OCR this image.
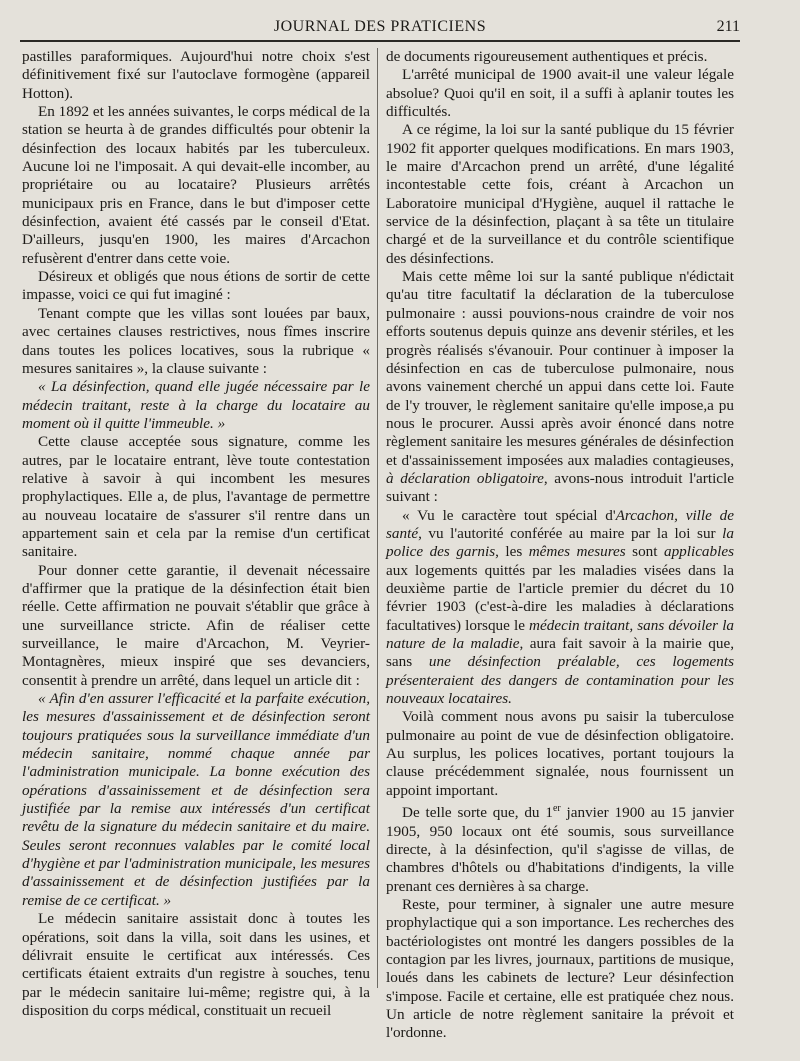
JOURNAL DES PRATICIENS	211

pastilles paraformiques. Aujourd'hui notre choix s'est définitivement fixé sur l'autoclave formogène (appareil Hotton).

En 1892 et les années suivantes, le corps médical de la station se heurta à de grandes difficultés pour obtenir la désinfection des locaux habités par les tuberculeux. Aucune loi ne l'imposait. A qui devait-elle incomber, au propriétaire ou au locataire? Plusieurs arrêtés municipaux pris en France, dans le but d'imposer cette désinfection, avaient été cassés par le conseil d'Etat. D'ailleurs, jusqu'en 1900, les maires d'Arcachon refusèrent d'entrer dans cette voie.

Désireux et obligés que nous étions de sortir de cette impasse, voici ce qui fut imaginé :

Tenant compte que les villas sont louées par baux, avec certaines clauses restrictives, nous fîmes inscrire dans toutes les polices locatives, sous la rubrique « mesures sanitaires », la clause suivante :

« La désinfection, quand elle jugée nécessaire par le médecin traitant, reste à la charge du locataire au moment où il quitte l'immeuble. »

Cette clause acceptée sous signature, comme les autres, par le locataire entrant, lève toute contestation relative à savoir à qui incombent les mesures prophylactiques. Elle a, de plus, l'avantage de permettre au nouveau locataire de s'assurer s'il rentre dans un appartement sain et cela par la remise d'un certificat sanitaire.

Pour donner cette garantie, il devenait nécessaire d'affirmer que la pratique de la désinfection était bien réelle. Cette affirmation ne pouvait s'établir que grâce à une surveillance stricte. Afin de réaliser cette surveillance, le maire d'Arcachon, M. Veyrier-Montagnères, mieux inspiré que ses devanciers, consentit à prendre un arrêté, dans lequel un article dit :

« Afin d'en assurer l'efficacité et la parfaite exécution, les mesures d'assainissement et de désinfection seront toujours pratiquées sous la surveillance immédiate d'un médecin sanitaire, nommé chaque année par l'administration municipale. La bonne exécution des opérations d'assainissement et de désinfection sera justifiée par la remise aux intéressés d'un certificat revêtu de la signature du médecin sanitaire et du maire. Seules seront reconnues valables par le comité local d'hygiène et par l'administration municipale, les mesures d'assainissement et de désinfection justifiées par la remise de ce certificat. »

Le médecin sanitaire assistait donc à toutes les opérations, soit dans la villa, soit dans les usines, et délivrait ensuite le certificat aux intéressés. Ces certificats étaient extraits d'un registre à souches, tenu par le médecin sanitaire lui-même; registre qui, à la disposition du corps médical, constituait un recueil

de documents rigoureusement authentiques et précis.

L'arrêté municipal de 1900 avait-il une valeur légale absolue? Quoi qu'il en soit, il a suffi à aplanir toutes les difficultés.

A ce régime, la loi sur la santé publique du 15 février 1902 fit apporter quelques modifications. En mars 1903, le maire d'Arcachon prend un arrêté, d'une légalité incontestable cette fois, créant à Arcachon un Laboratoire municipal d'Hygiène, auquel il rattache le service de la désinfection, plaçant à sa tête un titulaire chargé et de la surveillance et du contrôle scientifique des désinfections.

Mais cette même loi sur la santé publique n'édictait qu'au titre facultatif la déclaration de la tuberculose pulmonaire : aussi pouvions-nous craindre de voir nos efforts soutenus depuis quinze ans devenir stériles, et les progrès réalisés s'évanouir. Pour continuer à imposer la désinfection en cas de tuberculose pulmonaire, nous avons vainement cherché un appui dans cette loi. Faute de l'y trouver, le règlement sanitaire qu'elle impose,a pu nous le procurer. Aussi après avoir énoncé dans notre règlement sanitaire les mesures générales de désinfection et d'assainissement imposées aux maladies contagieuses, à déclaration obligatoire, avons-nous introduit l'article suivant :

« Vu le caractère tout spécial d'Arcachon, ville de santé, vu l'autorité conférée au maire par la loi sur la police des garnis, les mêmes mesures sont applicables aux logements quittés par les maladies visées dans la deuxième partie de l'article premier du décret du 10 février 1903 (c'est-à-dire les maladies à déclarations facultatives) lorsque le médecin traitant, sans dévoiler la nature de la maladie, aura fait savoir à la mairie que, sans une désinfection préalable, ces logements présenteraient des dangers de contamination pour les nouveaux locataires.

Voilà comment nous avons pu saisir la tuberculose pulmonaire au point de vue de désinfection obligatoire. Au surplus, les polices locatives, portant toujours la clause précédemment signalée, nous fournissent un appoint important.

De telle sorte que, du 1er janvier 1900 au 15 janvier 1905, 950 locaux ont été soumis, sous surveillance directe, à la désinfection, qu'il s'agisse de villas, de chambres d'hôtels ou d'habitations d'indigents, la ville prenant ces dernières à sa charge.

Reste, pour terminer, à signaler une autre mesure prophylactique qui a son importance. Les recherches des bactériologistes ont montré les dangers possibles de la contagion par les livres, journaux, partitions de musique, loués dans les cabinets de lecture? Leur désinfection s'impose. Facile et certaine, elle est pratiquée chez nous. Un article de notre règlement sanitaire la prévoit et l'ordonne.
